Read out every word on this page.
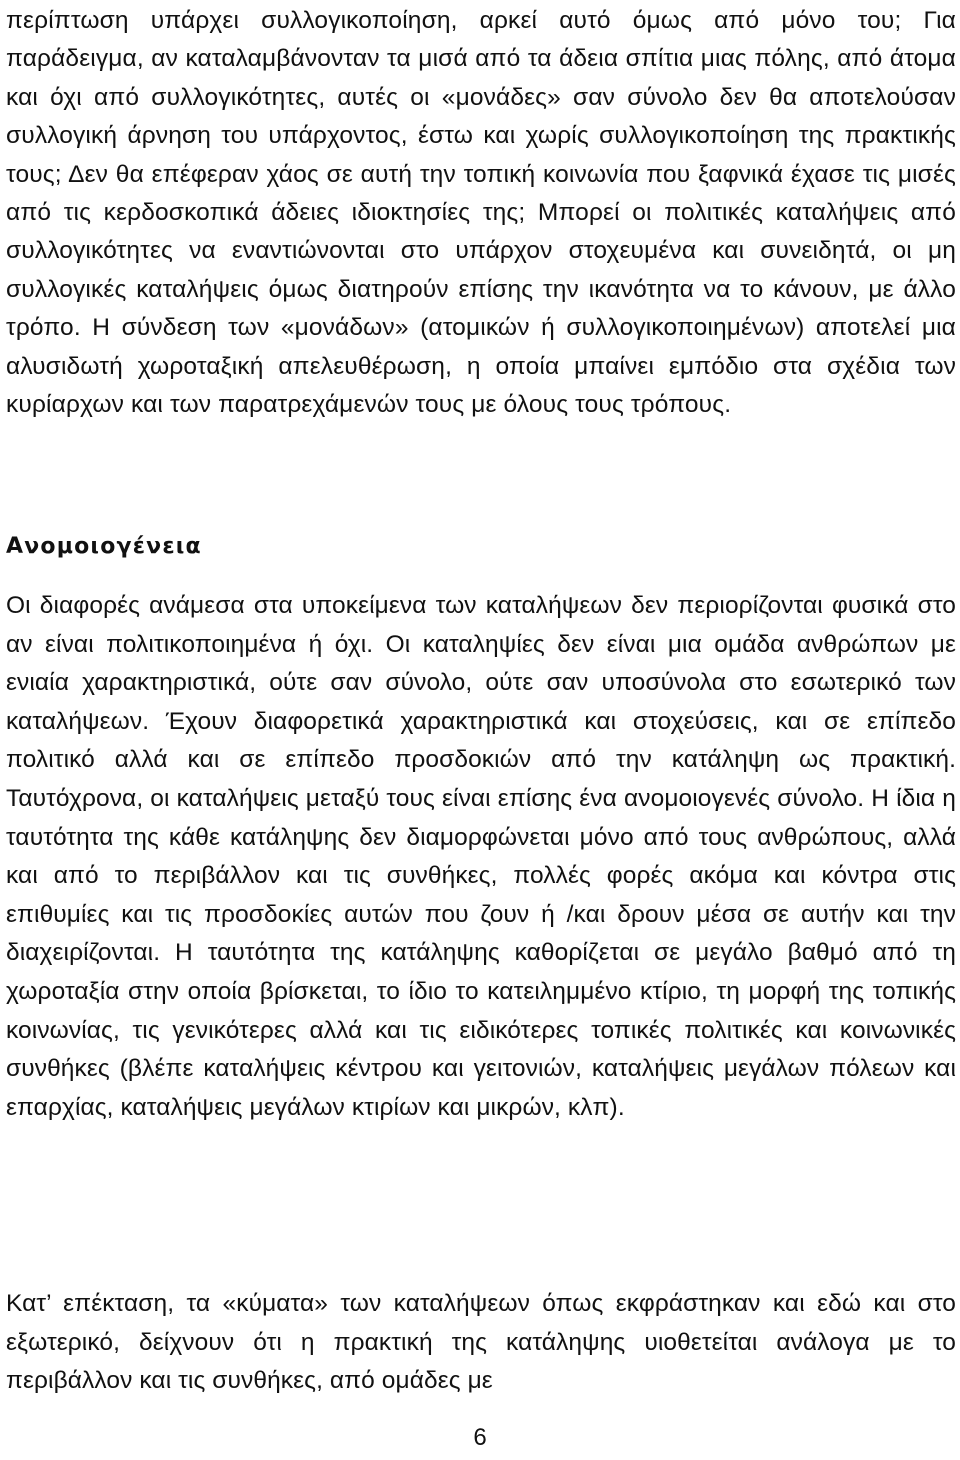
περίπτωση υπάρχει συλλογικοποίηση, αρκεί αυτό όμως από μόνο του; Για παράδειγμα, αν καταλαμβάνονταν τα μισά από τα άδεια σπίτια μιας πόλης, από άτομα και όχι από συλλογικότητες, αυτές οι «μονάδες» σαν σύνολο δεν θα αποτελούσαν συλλογική άρνηση του υπάρχοντος, έστω και χωρίς συλλογικοποίηση της πρακτικής τους; Δεν θα επέφεραν χάος σε αυτή την τοπική κοινωνία που ξαφνικά έχασε τις μισές από τις κερδοσκοπικά άδειες ιδιοκτησίες της; Μπορεί οι πολιτικές καταλήψεις από συλλογικότητες να εναντιώνονται στο υπάρχον στοχευμένα και συνειδητά, οι μη συλλογικές καταλήψεις όμως διατηρούν επίσης την ικανότητα να το κάνουν, με άλλο τρόπο. Η σύνδεση των «μονάδων» (ατομικών ή συλλογικοποιημένων) αποτελεί μια αλυσιδωτή χωροταξική απελευθέρωση, η οποία μπαίνει εμπόδιο στα σχέδια των κυρίαρχων και των παρατρεχάμενών τους με όλους τους τρόπους.

Ανομοιογένεια

Οι διαφορές ανάμεσα στα υποκείμενα των καταλήψεων δεν περιορίζονται φυσικά στο αν είναι πολιτικοποιημένα ή όχι. Οι καταληψίες δεν είναι μια ομάδα ανθρώπων με ενιαία χαρακτηριστικά, ούτε σαν σύνολο, ούτε σαν υποσύνολα στο εσωτερικό των καταλήψεων. Έχουν διαφορετικά χαρακτηριστικά και στοχεύσεις, και σε επίπεδο πολιτικό αλλά και σε επίπεδο προσδοκιών από την κατάληψη ως πρακτική. Ταυτόχρονα, οι καταλήψεις μεταξύ τους είναι επίσης ένα ανομοιογενές σύνολο. Η ίδια η ταυτότητα της κάθε κατάληψης δεν διαμορφώνεται μόνο από τους ανθρώπους, αλλά και από το περιβάλλον και τις συνθήκες, πολλές φορές ακόμα και κόντρα στις επιθυμίες και τις προσδοκίες αυτών που ζουν ή /και δρουν μέσα σε αυτήν και την διαχειρίζονται. Η ταυτότητα της κατάληψης καθορίζεται σε μεγάλο βαθμό από τη χωροταξία στην οποία βρίσκεται, το ίδιο το κατειλημμένο κτίριο, τη μορφή της τοπικής κοινωνίας, τις γενικότερες αλλά και τις ειδικότερες τοπικές πολιτικές και κοινωνικές συνθήκες (βλέπε καταλήψεις κέντρου και γειτονιών, καταλήψεις μεγάλων πόλεων και επαρχίας, καταλήψεις μεγάλων κτιρίων και μικρών, κλπ).

Κατ’ επέκταση, τα «κύματα» των καταλήψεων όπως εκφράστηκαν και εδώ και στο εξωτερικό, δείχνουν ότι η πρακτική της κατάληψης υιοθετείται ανάλογα με το περιβάλλον και τις συνθήκες, από ομάδες με

6
